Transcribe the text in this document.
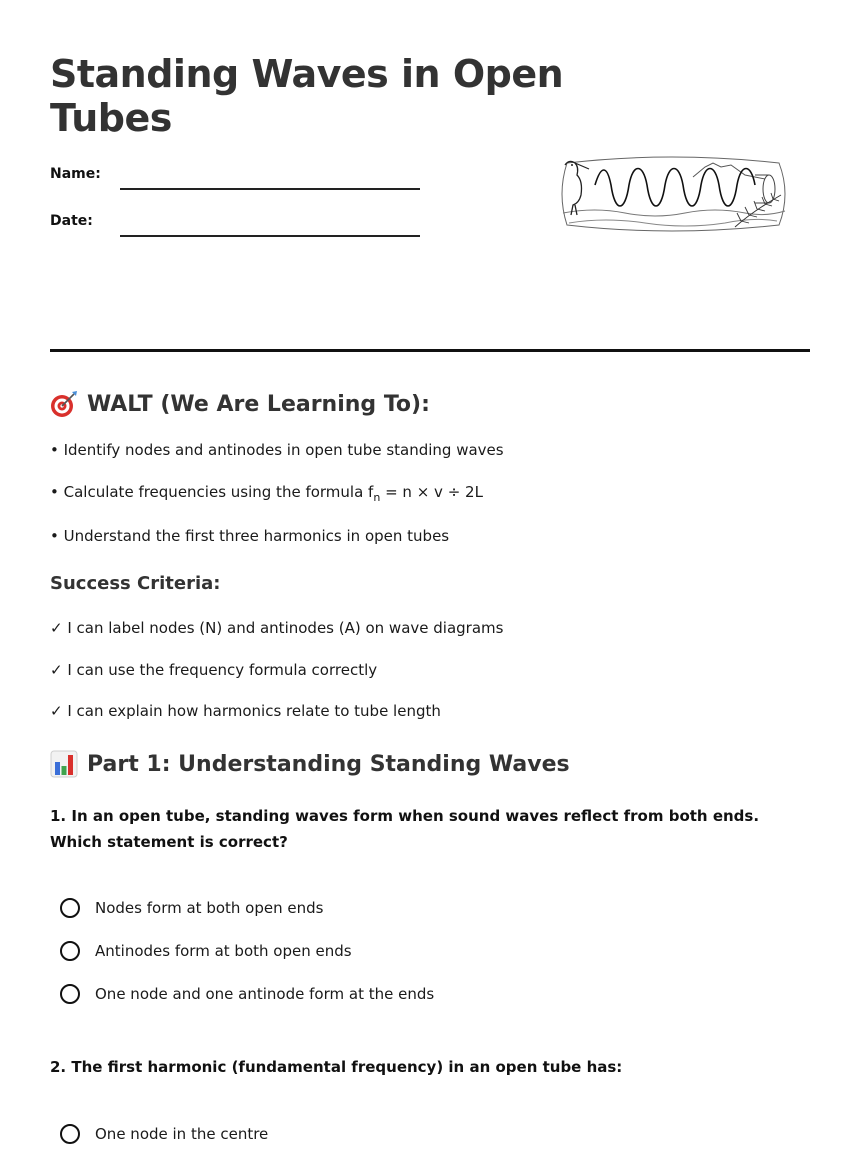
Standing Waves in Open Tubes
Name:
Date:
WALT (We Are Learning To):
• Identify nodes and antinodes in open tube standing waves
• Calculate frequencies using the formula $f_n = n \times v \div 2L$
• Understand the first three harmonics in open tubes
Success Criteria:
✓ I can label nodes (N) and antinodes (A) on wave diagrams
✓ I can use the frequency formula correctly
✓ I can explain how harmonics relate to tube length
Part 1: Understanding Standing Waves

1. In an open tube, standing waves form when sound waves reflect from both ends. Which statement is correct?

Nodes form at both open ends
Antinodes form at both open ends
One node and one antinode form at the ends

2. The first harmonic (fundamental frequency) in an open tube has:

One node in the centre
